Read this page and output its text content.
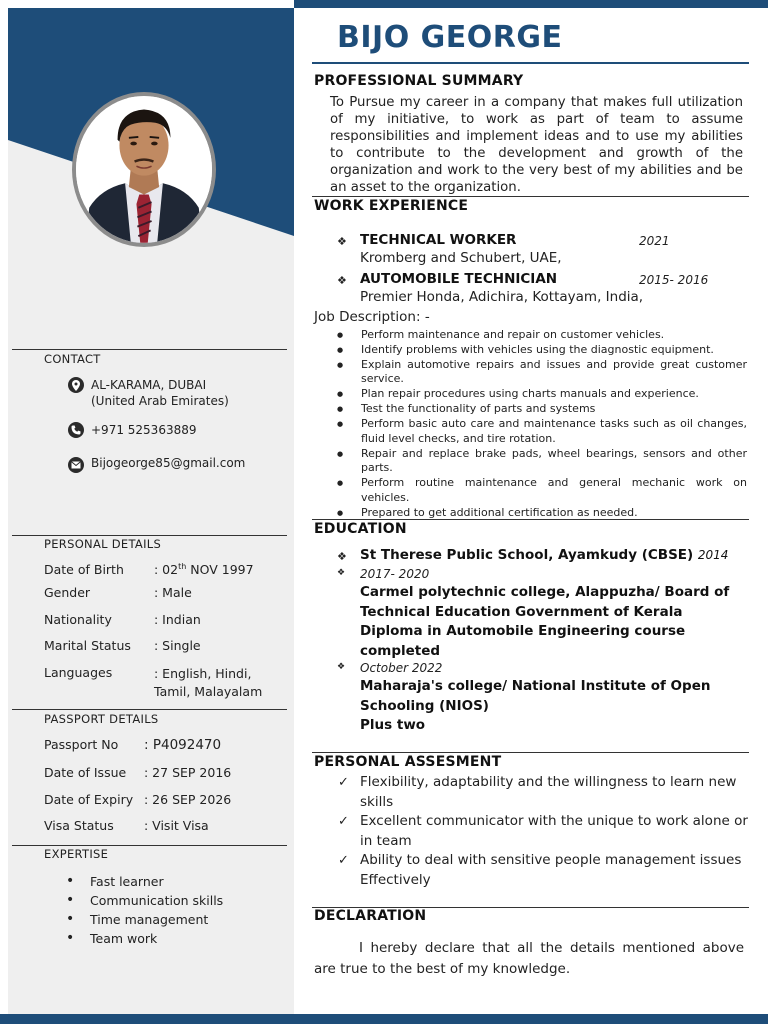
CONTACT
AL-KARAMA, DUBAI
(United Arab Emirates)
+971 525363889
Bijogeorge85@gmail.com
PERSONAL DETAILS
Date of Birth	: 02th NOV 1997
Gender	: Male
Nationality	: Indian
Marital Status	: Single
Languages	: English, Hindi,
Tamil, Malayalam
PASSPORT DETAILS
Passport No	: P4092470
Date of Issue	: 27 SEP 2016
Date of Expiry : 26 SEP 2026
Visa Status	: Visit Visa
EXPERTISE
• Fast learner
• Communication skills
• Time management
• Team work
BIJO GEORGE
PROFESSIONAL SUMMARY
To Pursue my career in a company that makes full utilization of my initiative, to work as part of team to assume responsibilities and implement ideas and to use my abilities to contribute to the development and growth of the organization and work to the very best of my abilities and be an asset to the organization.
WORK EXPERIENCE
❖ TECHNICAL WORKER	2021
Kromberg and Schubert, UAE,
❖ AUTOMOBILE TECHNICIAN	2015- 2016
Premier Honda, Adichira, Kottayam, India,
Job Description: -
● Perform maintenance and repair on customer vehicles.
● Identify problems with vehicles using the diagnostic equipment.
● Explain automotive repairs and issues and provide great customer service.
● Plan repair procedures using charts manuals and experience.
● Test the functionality of parts and systems
● Perform basic auto care and maintenance tasks such as oil changes, fluid level checks, and tire rotation.
● Repair and replace brake pads, wheel bearings, sensors and other parts.
● Perform routine maintenance and general mechanic work on vehicles.
● Prepared to get additional certification as needed.
EDUCATION
❖ St Therese Public School, Ayamkudy (CBSE) 2014
❖ 2017- 2020
Carmel polytechnic college, Alappuzha/ Board of
Technical Education Government of Kerala
Diploma in Automobile Engineering course
completed
❖ October 2022
Maharaja's college/ National Institute of Open
Schooling (NIOS)
Plus two
PERSONAL ASSESMENT
✓ Flexibility, adaptability and the willingness to learn new skills
✓ Excellent communicator with the unique to work alone or in team
✓ Ability to deal with sensitive people management issues Effectively
DECLARATION
I hereby declare that all the details mentioned above are true to the best of my knowledge.
